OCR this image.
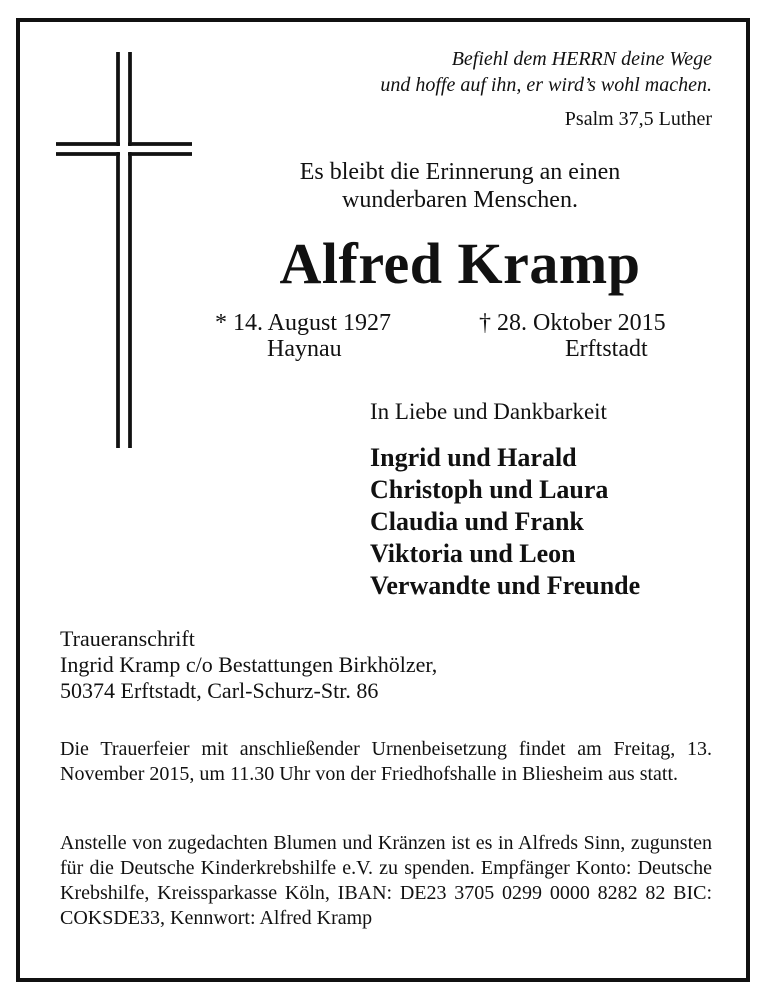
Befiehl dem HERRN deine Wege
und hoffe auf ihn, er wird’s wohl machen.
Psalm 37,5 Luther
Es bleibt die Erinnerung an einen
wunderbaren Menschen.
Alfred Kramp
* 14. August 1927
Haynau
† 28. Oktober 2015
Erftstadt
In Liebe und Dankbarkeit
Ingrid und Harald
Christoph und Laura
Claudia und Frank
Viktoria und Leon
Verwandte und Freunde
Traueranschrift
Ingrid Kramp c/o Bestattungen Birkhölzer,
50374 Erftstadt, Carl-Schurz-Str. 86
Die Trauerfeier mit anschließender Urnenbeisetzung findet am Freitag, 13. November 2015, um 11.30 Uhr von der Friedhofshalle in Bliesheim aus statt.
Anstelle von zugedachten Blumen und Kränzen ist es in Alfreds Sinn, zugunsten für die Deutsche Kinderkrebshilfe e.V. zu spenden. Empfänger Konto: Deutsche Krebshilfe, Kreissparkasse Köln, IBAN: DE23 3705 0299 0000 8282 82 BIC: COKSDE33, Kennwort: Alfred Kramp
